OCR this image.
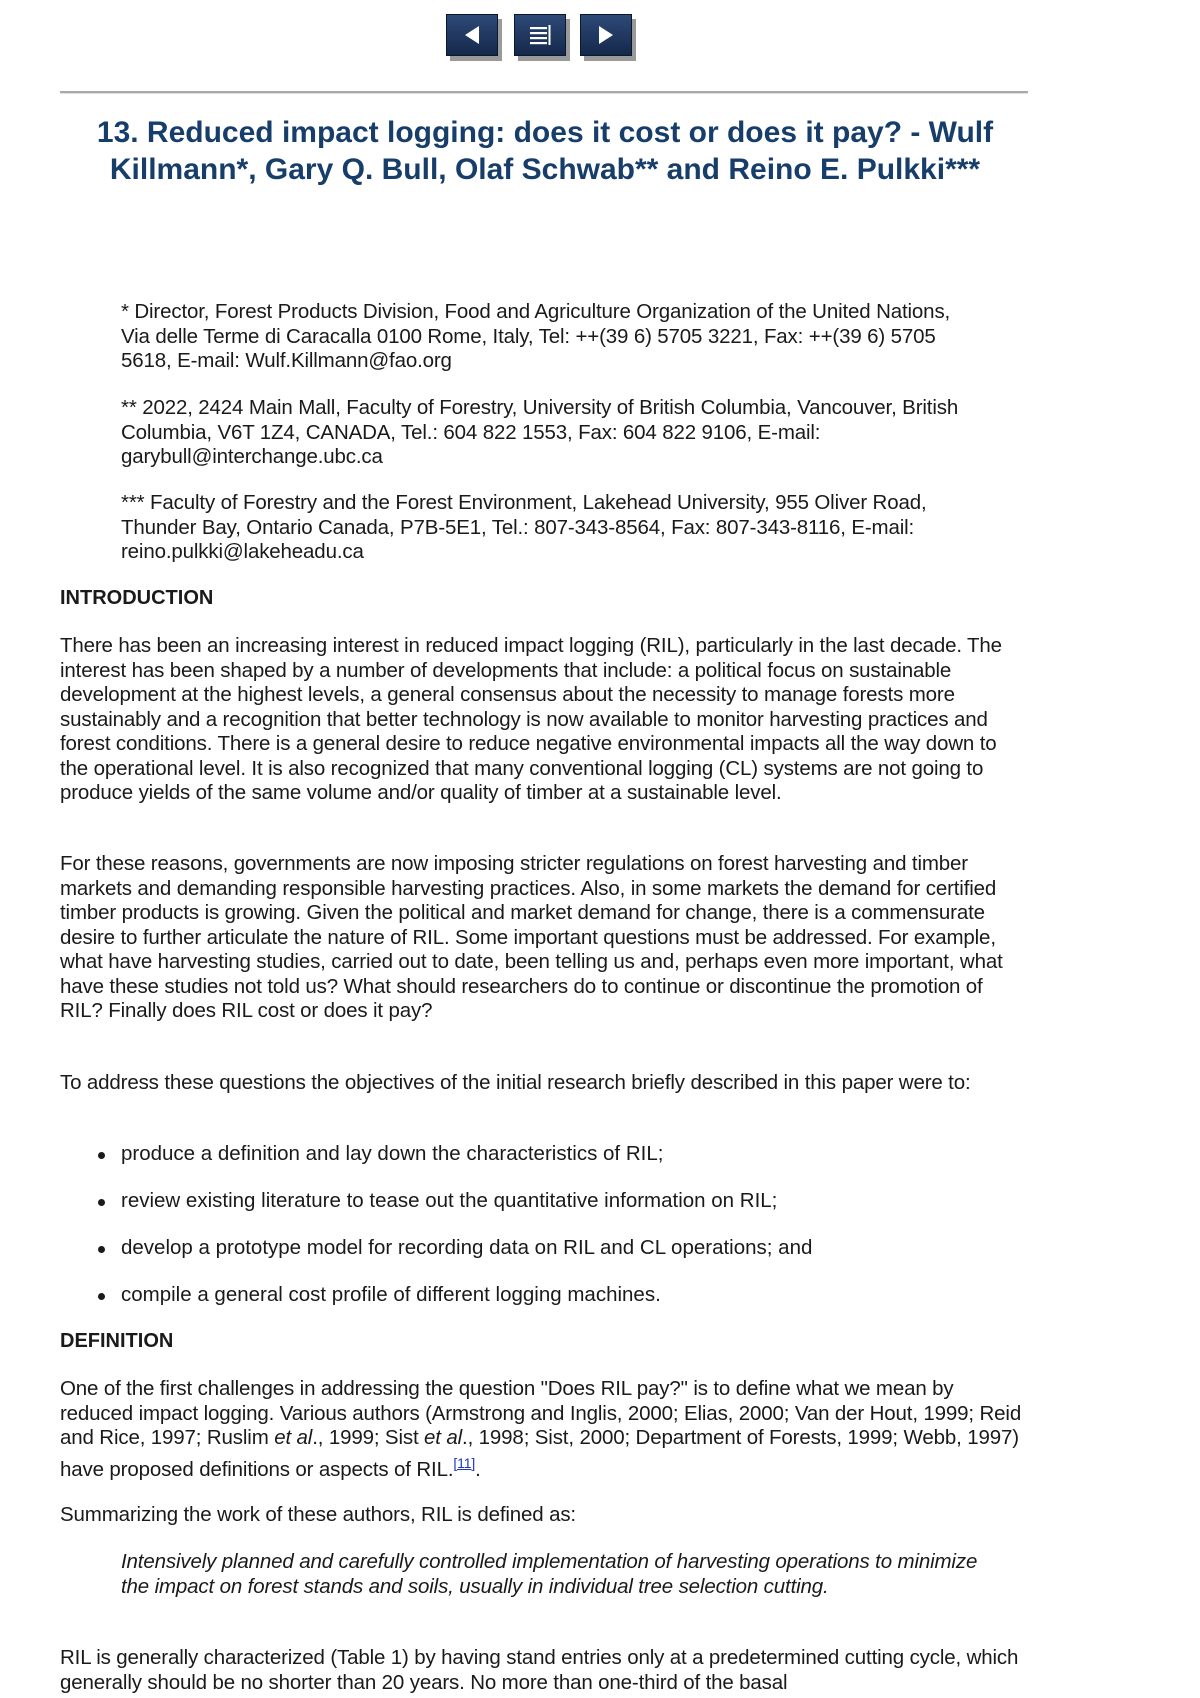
13. Reduced impact logging: does it cost or does it pay? - Wulf Killmann*, Gary Q. Bull, Olaf Schwab** and Reino E. Pulkki***

* Director, Forest Products Division, Food and Agriculture Organization of the United Nations, Via delle Terme di Caracalla 0100 Rome, Italy, Tel: ++(39 6) 5705 3221, Fax: ++(39 6) 5705 5618, E-mail: Wulf.Killmann@fao.org

** 2022, 2424 Main Mall, Faculty of Forestry, University of British Columbia, Vancouver, British Columbia, V6T 1Z4, CANADA, Tel.: 604 822 1553, Fax: 604 822 9106, E-mail: garybull@interchange.ubc.ca

*** Faculty of Forestry and the Forest Environment, Lakehead University, 955 Oliver Road, Thunder Bay, Ontario Canada, P7B-5E1, Tel.: 807-343-8564, Fax: 807-343-8116, E-mail: reino.pulkki@lakeheadu.ca

INTRODUCTION

There has been an increasing interest in reduced impact logging (RIL), particularly in the last decade. The interest has been shaped by a number of developments that include: a political focus on sustainable development at the highest levels, a general consensus about the necessity to manage forests more sustainably and a recognition that better technology is now available to monitor harvesting practices and forest conditions. There is a general desire to reduce negative environmental impacts all the way down to the operational level. It is also recognized that many conventional logging (CL) systems are not going to produce yields of the same volume and/or quality of timber at a sustainable level.

For these reasons, governments are now imposing stricter regulations on forest harvesting and timber markets and demanding responsible harvesting practices. Also, in some markets the demand for certified timber products is growing. Given the political and market demand for change, there is a commensurate desire to further articulate the nature of RIL. Some important questions must be addressed. For example, what have harvesting studies, carried out to date, been telling us and, perhaps even more important, what have these studies not told us? What should researchers do to continue or discontinue the promotion of RIL? Finally does RIL cost or does it pay?

To address these questions the objectives of the initial research briefly described in this paper were to:

produce a definition and lay down the characteristics of RIL;
review existing literature to tease out the quantitative information on RIL;
develop a prototype model for recording data on RIL and CL operations; and
compile a general cost profile of different logging machines.
DEFINITION

One of the first challenges in addressing the question "Does RIL pay?" is to define what we mean by reduced impact logging. Various authors (Armstrong and Inglis, 2000; Elias, 2000; Van der Hout, 1999; Reid and Rice, 1997; Ruslim et al., 1999; Sist et al., 1998; Sist, 2000; Department of Forests, 1999; Webb, 1997) have proposed definitions or aspects of RIL.[11].

Summarizing the work of these authors, RIL is defined as:

Intensively planned and carefully controlled implementation of harvesting operations to minimize the impact on forest stands and soils, usually in individual tree selection cutting.

RIL is generally characterized (Table 1) by having stand entries only at a predetermined cutting cycle, which generally should be no shorter than 20 years. No more than one-third of the basal
